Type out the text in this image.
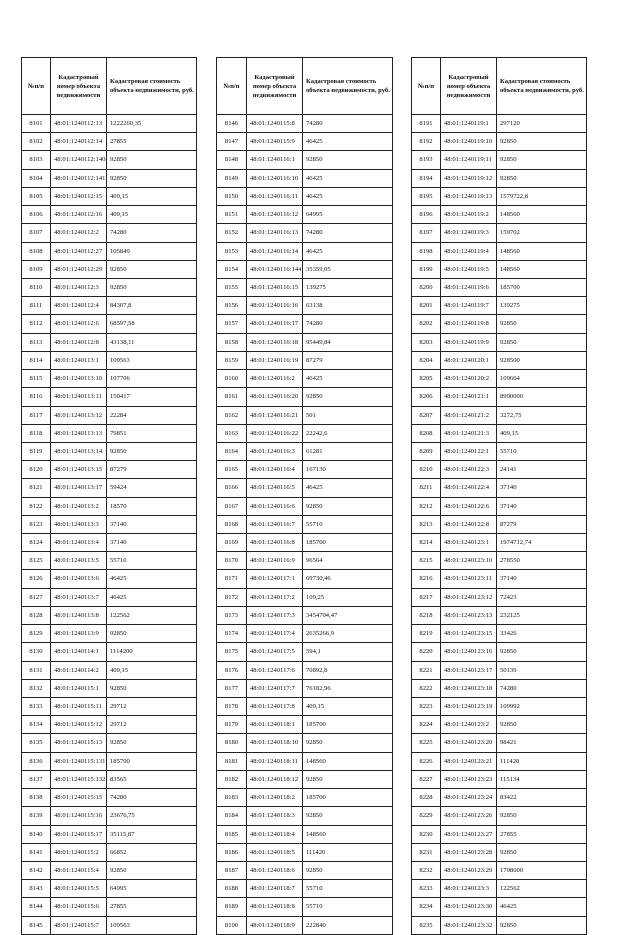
№п/п	Кадастровый номер объекта недвижимости	Кадастровая стоимость объекта недвижимости, руб.
8101	48:01:1240112:13	1222260,35
8102	48:01:1240112:14	27855
8103	48:01:1240112:140	92850
8104	48:01:1240112:141	92850
8105	48:01:1240112:15	409,15
8106	48:01:1240112:16	409,15
8107	48:01:1240112:2	74280
8108	48:01:1240112:27	105849
8109	48:01:1240112:29	92850
8110	48:01:1240112:3	92850
8111	48:01:1240112:4	84307,8
8112	48:01:1240112:6	68597,58
8113	48:01:1240112:8	43138,11
8114	48:01:1240113:1	109563
8115	48:01:1240113:10	107706
8116	48:01:1240113:11	150417
8117	48:01:1240113:12	22284
8118	48:01:1240113:13	79851
8119	48:01:1240113:14	92850
8120	48:01:1240113:15	87279
8121	48:01:1240113:17	59424
8122	48:01:1240113:2	18570
8123	48:01:1240113:3	37140
8124	48:01:1240113:4	37140
8125	48:01:1240113:5	55710
8126	48:01:1240113:6	46425
8127	48:01:1240113:7	46425
8128	48:01:1240113:8	122562
8129	48:01:1240113:9	92850
8130	48:01:1240114:1	1114200
8131	48:01:1240114:2	409,15
8132	48:01:1240115:1	92850
8133	48:01:1240115:11	29712
8134	48:01:1240115:12	29712
8135	48:01:1240115:13	92850
8136	48:01:1240115:131	185700
8137	48:01:1240115:132	83565
8138	48:01:1240115:15	74280
8139	48:01:1240115:16	23676,75
8140	48:01:1240115:17	35115,87
8141	48:01:1240115:2	66852
8142	48:01:1240115:4	92850
8143	48:01:1240115:5	64995
8144	48:01:1240115:6	27855
8145	48:01:1240115:7	109563
№п/п	Кадастровый номер объекта недвижимости	Кадастровая стоимость объекта недвижимости, руб.
8146	48:01:1240115:8	74280
8147	48:01:1240115:9	46425
8148	48:01:1240116:1	92850
8149	48:01:1240116:10	46425
8150	48:01:1240116:11	46425
8151	48:01:1240116:12	64995
8152	48:01:1240116:13	74280
8153	48:01:1240116:14	46425
8154	48:01:1240116:144	35359,05
8155	48:01:1240116:15	139275
8156	48:01:1240116:16	63138
8157	48:01:1240116:17	74280
8158	48:01:1240116:18	95449,84
8159	48:01:1240116:19	87279
8160	48:01:1240116:2	46425
8161	48:01:1240116:20	92850
8162	48:01:1240116:21	501
8163	48:01:1240116:22	22242,6
8164	48:01:1240116:3	61281
8165	48:01:1240116:4	167130
8166	48:01:1240116:5	46425
8167	48:01:1240116:6	92850
8168	48:01:1240116:7	55710
8169	48:01:1240116:8	185700
8170	48:01:1240116:9	96564
8171	48:01:1240117:1	69730,46
8172	48:01:1240117:2	109,25
8173	48:01:1240117:3	3454704,47
8174	48:01:1240117:4	2635266,9
8175	48:01:1240117:5	594,1
8176	48:01:1240117:6	70892,8
8177	48:01:1240117:7	76182,96
8178	48:01:1240117:8	409,15
8179	48:01:1240118:1	185700
8180	48:01:1240118:10	92850
8181	48:01:1240118:11	148560
8182	48:01:1240118:12	92850
8183	48:01:1240118:2	185700
8184	48:01:1240118:3	92850
8185	48:01:1240118:4	148560
8186	48:01:1240118:5	111420
8187	48:01:1240118:6	92850
8188	48:01:1240118:7	55710
8189	48:01:1240118:8	55710
8190	48:01:1240118:9	222840
№п/п	Кадастровый номер объекта недвижимости	Кадастровая стоимость объекта недвижимости, руб.
8191	48:01:1240119:1	297120
8192	48:01:1240119:10	92850
8193	48:01:1240119:11	92850
8194	48:01:1240119:12	92850
8195	48:01:1240119:13	1579722,8
8196	48:01:1240119:2	148560
8197	48:01:1240119:3	159702
8198	48:01:1240119:4	148560
8199	48:01:1240119:5	148560
8200	48:01:1240119:6	185700
8201	48:01:1240119:7	139275
8202	48:01:1240119:8	92850
8203	48:01:1240119:9	92850
8204	48:01:1240120:1	928500
8205	48:01:1240120:2	109604
8206	48:01:1240121:1	8990000
8207	48:01:1240121:2	3272,75
8208	48:01:1240121:3	409,15
8209	48:01:1240122:1	55710
8210	48:01:1240122:3	24141
8211	48:01:1240122:4	37140
8212	48:01:1240122:6	37140
8213	48:01:1240122:8	87279
8214	48:01:1240123:1	1974712,74
8215	48:01:1240123:10	278550
8216	48:01:1240123:11	37140
8217	48:01:1240123:12	72423
8218	48:01:1240123:13	232125
8219	48:01:1240123:15	33426
8220	48:01:1240123:16	92850
8221	48:01:1240123:17	50139
8222	48:01:1240123:18	74280
8223	48:01:1240123:19	109992
8224	48:01:1240123:2	92850
8225	48:01:1240123:20	98421
8226	48:01:1240123:21	111420
8227	48:01:1240123:23	115134
8228	48:01:1240123:24	83422
8229	48:01:1240123:26	92850
8230	48:01:1240123:27	27855
8231	48:01:1240123:28	92850
8232	48:01:1240123:29	1798000
8233	48:01:1240123:3	122562
8234	48:01:1240123:30	46425
8235	48:01:1240123:32	92850
